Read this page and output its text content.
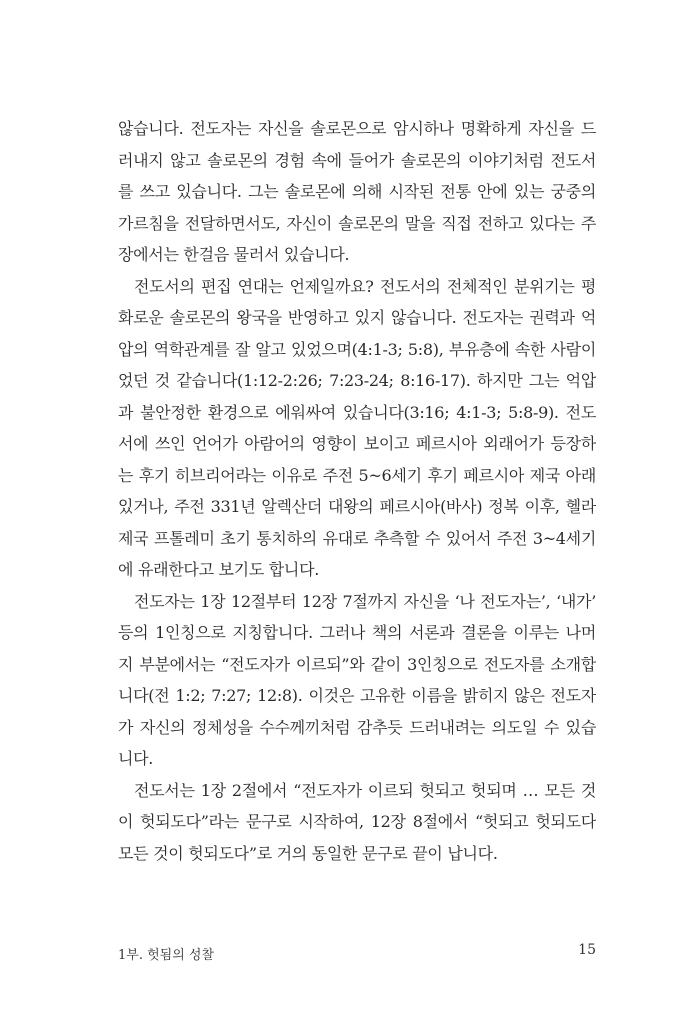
않습니다. 전도자는 자신을 솔로몬으로 암시하나 명확하게 자신을 드
러내지 않고 솔로몬의 경험 속에 들어가 솔로몬의 이야기처럼 전도서
를 쓰고 있습니다. 그는 솔로몬에 의해 시작된 전통 안에 있는 궁중의
가르침을 전달하면서도, 자신이 솔로몬의 말을 직접 전하고 있다는 주
장에서는 한걸음 물러서 있습니다.
전도서의 편집 연대는 언제일까요? 전도서의 전체적인 분위기는 평
화로운 솔로몬의 왕국을 반영하고 있지 않습니다. 전도자는 권력과 억
압의 역학관계를 잘 알고 있었으며(4:1-3; 5:8), 부유층에 속한 사람이
었던 것 같습니다(1:12-2:26; 7:23-24; 8:16-17). 하지만 그는 억압
과 불안정한 환경으로 에워싸여 있습니다(3:16; 4:1-3; 5:8-9). 전도
서에 쓰인 언어가 아람어의 영향이 보이고 페르시아 외래어가 등장하
는 후기 히브리어라는 이유로 주전 5~6세기 후기 페르시아 제국 아래
있거나, 주전 331년 알렉산더 대왕의 페르시아(바사) 정복 이후, 헬라
제국 프톨레미 초기 통치하의 유대로 추측할 수 있어서 주전 3~4세기
에 유래한다고 보기도 합니다.
전도자는 1장 12절부터 12장 7절까지 자신을 ‘나 전도자는’, ‘내가’
등의 1인칭으로 지칭합니다. 그러나 책의 서론과 결론을 이루는 나머
지 부분에서는 “전도자가 이르되”와 같이 3인칭으로 전도자를 소개합
니다(전 1:2; 7:27; 12:8). 이것은 고유한 이름을 밝히지 않은 전도자
가 자신의 정체성을 수수께끼처럼 감추듯 드러내려는 의도일 수 있습
니다.
전도서는 1장 2절에서 “전도자가 이르되 헛되고 헛되며 … 모든 것
이 헛되도다”라는 문구로 시작하여, 12장 8절에서 “헛되고 헛되도다
모든 것이 헛되도다”로 거의 동일한 문구로 끝이 납니다.
1부. 헛됨의 성찰	15
